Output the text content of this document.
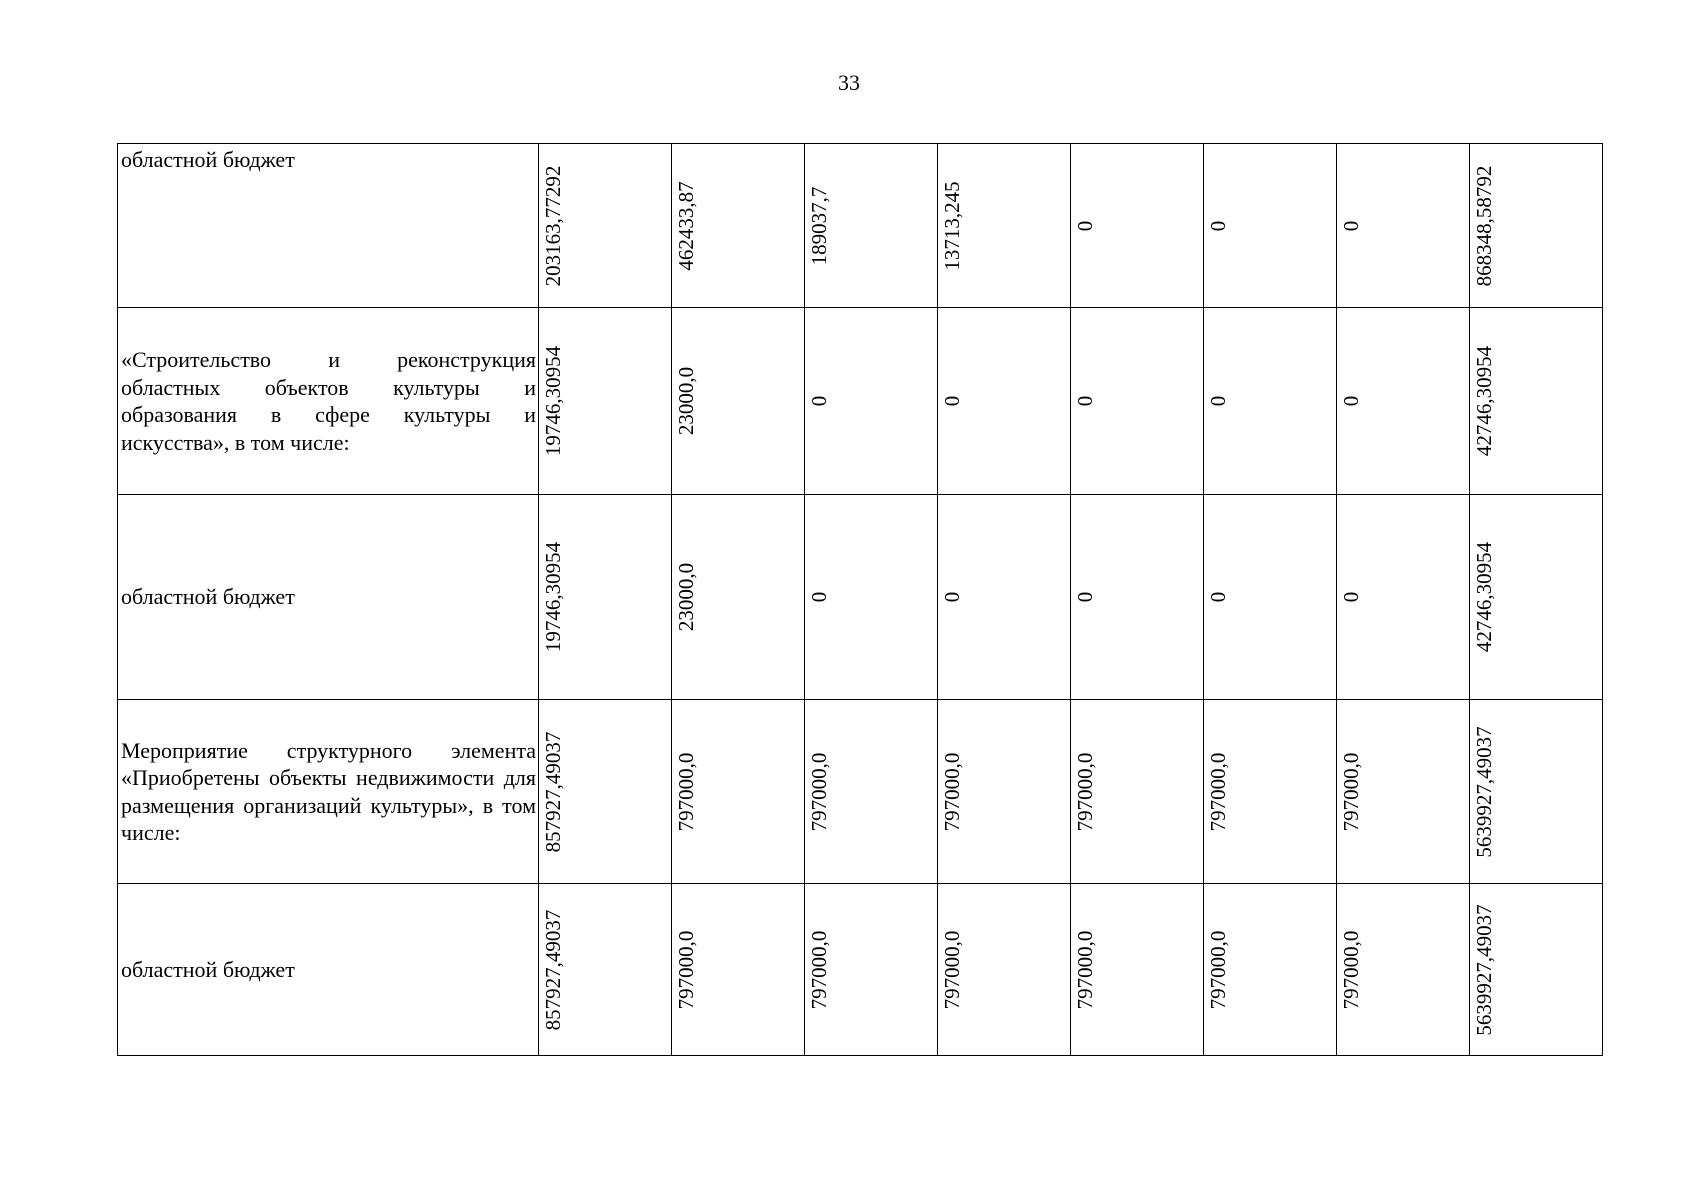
33
областной бюджет	203163,77292	462433,87	189037,7	13713,245	0	0	0	868348,58792

«Строительство и реконструкция областных объектов культуры и образования в сфере культуры и искусства», в том числе:	19746,30954	23000,0	0	0	0	0	0	42746,30954

областной бюджет	19746,30954	23000,0	0	0	0	0	0	42746,30954

Мероприятие структурного элемента «Приобретены объекты недвижимости для размещения организаций культуры», в том числе:	857927,49037	797000,0	797000,0	797000,0	797000,0	797000,0	797000,0	5639927,49037

областной бюджет	857927,49037	797000,0	797000,0	797000,0	797000,0	797000,0	797000,0	5639927,49037
